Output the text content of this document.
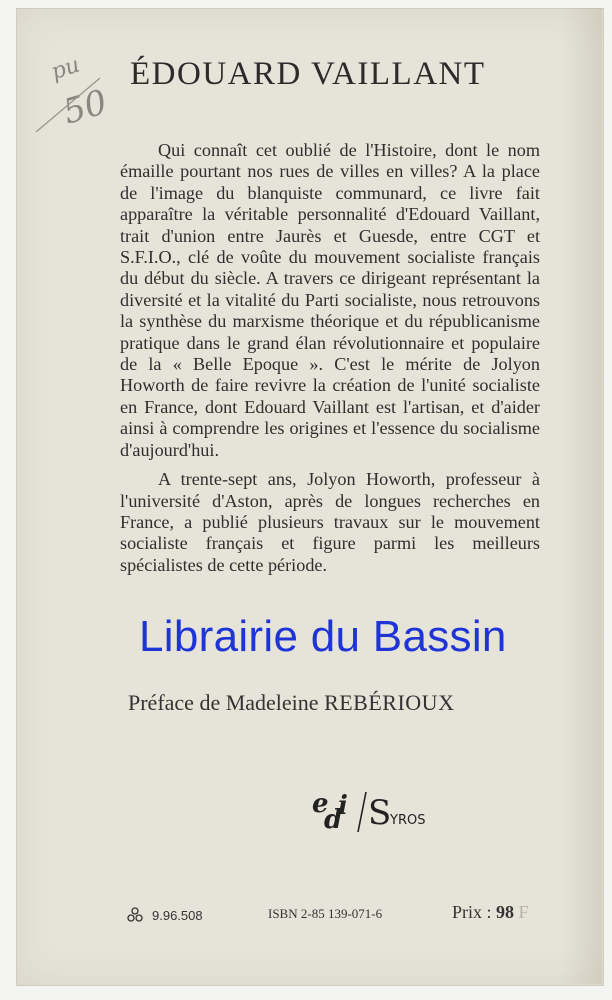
pu
50
ÉDOUARD VAILLANT

Qui connaît cet oublié de l'Histoire, dont le nom émaille pourtant nos rues de villes en villes? A la place de l'image du blanquiste communard, ce livre fait apparaître la véritable personnalité d'Edouard Vaillant, trait d'union entre Jaurès et Guesde, entre CGT et S.F.I.O., clé de voûte du mouvement socialiste français du début du siècle. A travers ce dirigeant représentant la diversité et la vitalité du Parti socialiste, nous retrouvons la synthèse du marxisme théorique et du républicanisme pratique dans le grand élan révolutionnaire et populaire de la « Belle Epoque ». C'est le mérite de Jolyon Howorth de faire revivre la création de l'unité socialiste en France, dont Edouard Vaillant est l'artisan, et d'aider ainsi à comprendre les origines et l'essence du socialisme d'aujourd'hui.

A trente-sept ans, Jolyon Howorth, professeur à l'université d'Aston, après de longues recherches en France, a publié plusieurs travaux sur le mouvement socialiste français et figure parmi les meilleurs spécialistes de cette période.

Librairie du Bassin
Préface de Madeleine REBÉRIOUX
e
d
i S
YROS
9.96.508	ISBN 2-85 139-071-6	Prix : 98 F
